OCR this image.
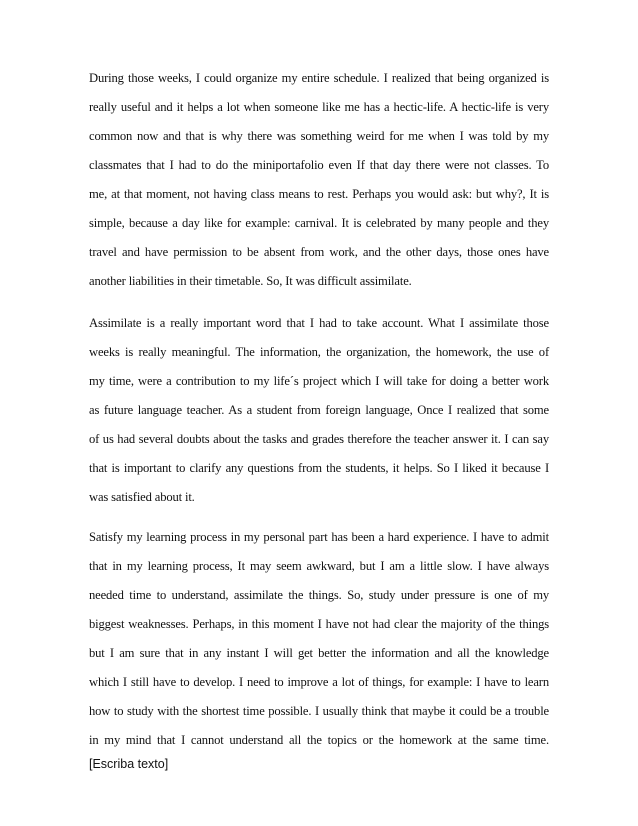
During those weeks, I could organize my entire schedule. I realized that being organized is
really useful and it helps a lot when someone like me has a hectic-life. A hectic-life is very
common now and that is why there was something weird for me when I was told by my
classmates that I had to do the miniportafolio even If that day there were not classes. To
me, at that moment, not having class means to rest. Perhaps you would ask: but why?, It is
simple, because a day like for example: carnival. It is celebrated by many people and they
travel and have permission to be absent from work, and the other days, those ones have
another liabilities in their timetable. So, It was difficult assimilate.
Assimilate is a really important word that I had to take account. What I assimilate those
weeks is really meaningful. The information, the organization, the homework, the use of
my time, were a contribution to my life´s project which I will take for doing a better work
as future language teacher. As a student from foreign language, Once I realized that some
of us had several doubts about the tasks and grades therefore the teacher answer it. I can say
that is important to clarify any questions from the students, it helps. So I liked it because I
was satisfied about it.
Satisfy my learning process in my personal part has been a hard experience. I have to admit
that in my learning process, It may seem awkward, but I am a little slow. I have always
needed time to understand, assimilate the things. So, study under pressure is one of my
biggest weaknesses. Perhaps, in this moment I have not had clear the majority of the things
but I am sure that in any instant I will get better the information and all the knowledge
which I still have to develop. I need to improve a lot of things, for example: I have to learn
how to study with the shortest time possible. I usually think that maybe it could be a trouble
in my mind that I cannot understand all the topics or the homework at the same time.
[Escriba texto]
